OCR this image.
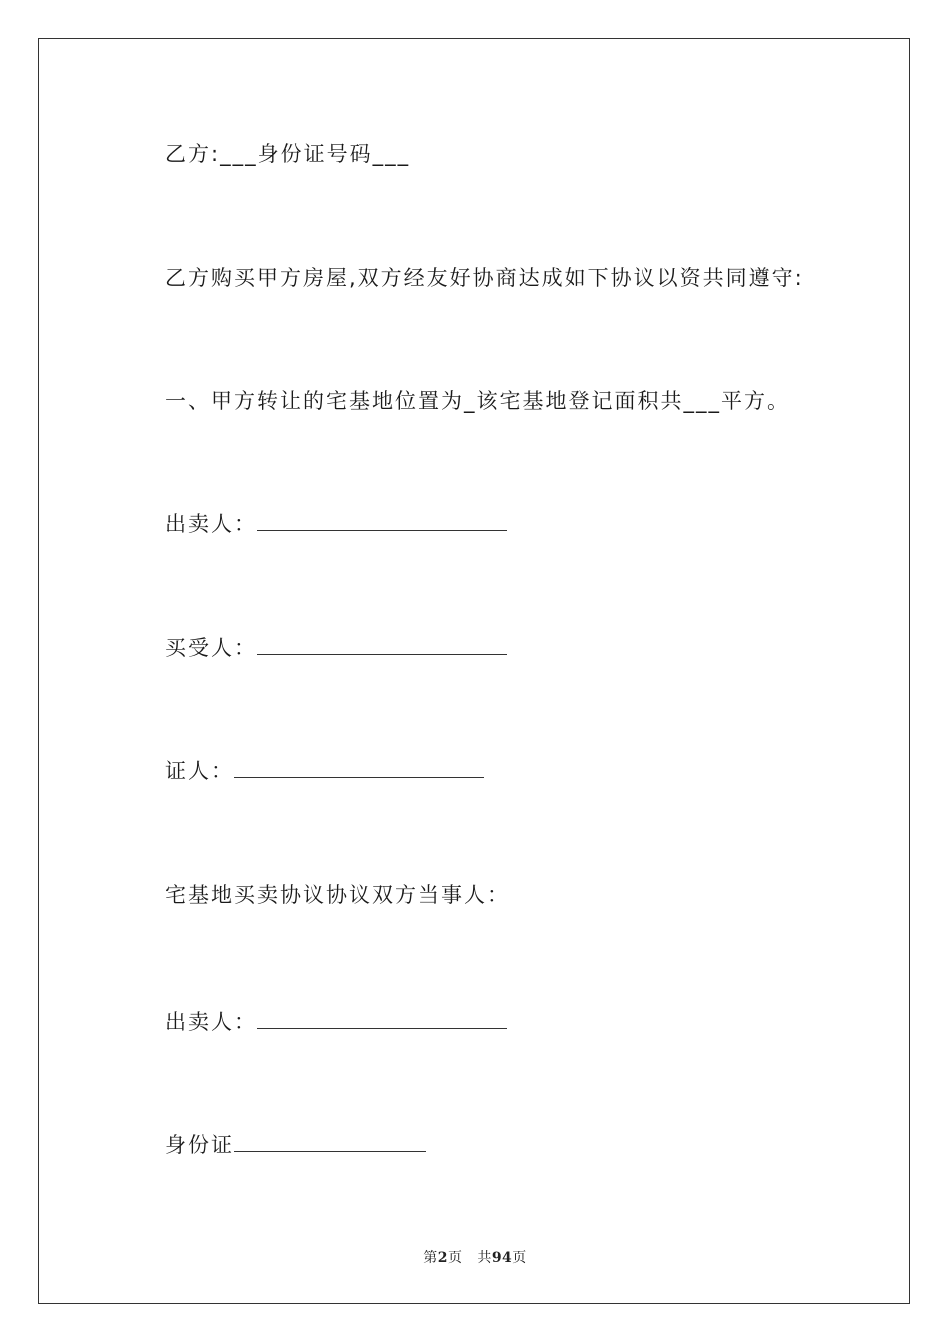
乙方:___身份证号码___
乙方购买甲方房屋,双方经友好协商达成如下协议以资共同遵守:
一、甲方转让的宅基地位置为_该宅基地登记面积共___平方。
出卖人：
买受人：
证人：
宅基地买卖协议协议双方当事人：
出卖人：
身份证
第2页 共94页
